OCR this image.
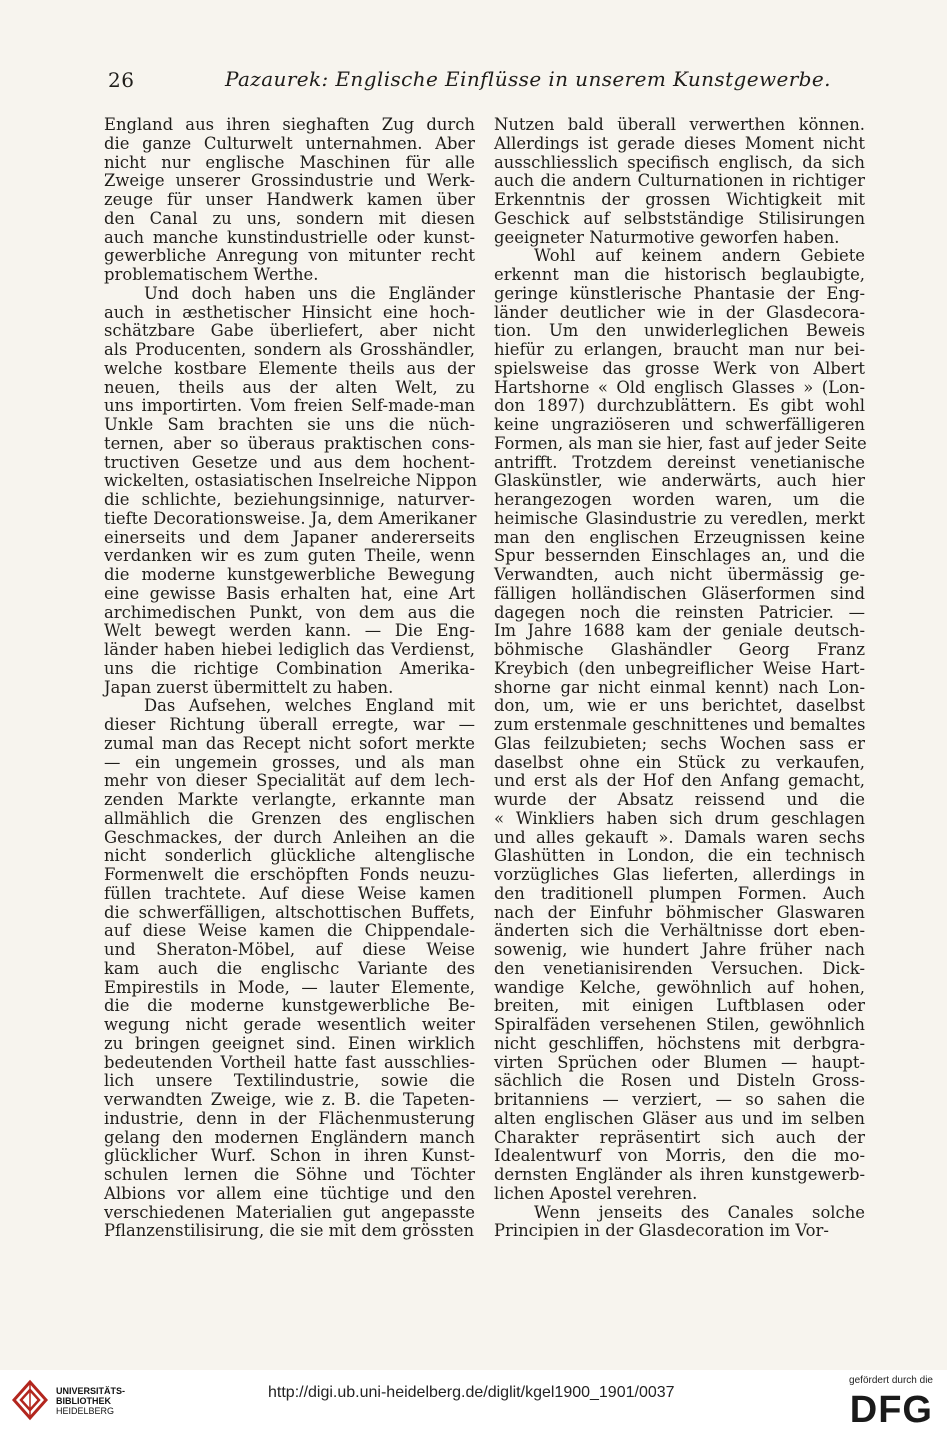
26	Pazaurek: Englische Einflüsse in unserem Kunstgewerbe.
England aus ihren sieghaften Zug durch
die ganze Culturwelt unternahmen. Aber
nicht nur englische Maschinen für alle
Zweige unserer Grossindustrie und Werk-
zeuge für unser Handwerk kamen über
den Canal zu uns, sondern mit diesen
auch manche kunstindustrielle oder kunst-
gewerbliche Anregung von mitunter recht
problematischem Werthe.
Und doch haben uns die Engländer
auch in æsthetischer Hinsicht eine hoch-
schätzbare Gabe überliefert, aber nicht
als Producenten, sondern als Grosshändler,
welche kostbare Elemente theils aus der
neuen, theils aus der alten Welt, zu
uns importirten. Vom freien Self-made-man
Unkle Sam brachten sie uns die nüch-
ternen, aber so überaus praktischen cons-
tructiven Gesetze und aus dem hochent-
wickelten, ostasiatischen Inselreiche Nippon
die schlichte, beziehungsinnige, naturver-
tiefte Decorationsweise. Ja, dem Amerikaner
einerseits und dem Japaner andererseits
verdanken wir es zum guten Theile, wenn
die moderne kunstgewerbliche Bewegung
eine gewisse Basis erhalten hat, eine Art
archimedischen Punkt, von dem aus die
Welt bewegt werden kann. — Die Eng-
länder haben hiebei lediglich das Verdienst,
uns die richtige Combination Amerika-
Japan zuerst übermittelt zu haben.
Das Aufsehen, welches England mit
dieser Richtung überall erregte, war —
zumal man das Recept nicht sofort merkte
— ein ungemein grosses, und als man
mehr von dieser Specialität auf dem lech-
zenden Markte verlangte, erkannte man
allmählich die Grenzen des englischen
Geschmackes, der durch Anleihen an die
nicht sonderlich glückliche altenglische
Formenwelt die erschöpften Fonds neuzu-
füllen trachtete. Auf diese Weise kamen
die schwerfälligen, altschottischen Buffets,
auf diese Weise kamen die Chippendale-
und Sheraton-Möbel, auf diese Weise
kam auch die englischc Variante des
Empirestils in Mode, — lauter Elemente,
die die moderne kunstgewerbliche Be-
wegung nicht gerade wesentlich weiter
zu bringen geeignet sind. Einen wirklich
bedeutenden Vortheil hatte fast ausschlies-
lich unsere Textilindustrie, sowie die
verwandten Zweige, wie z. B. die Tapeten-
industrie, denn in der Flächenmusterung
gelang den modernen Engländern manch
glücklicher Wurf. Schon in ihren Kunst-
schulen lernen die Söhne und Töchter
Albions vor allem eine tüchtige und den
verschiedenen Materialien gut angepasste
Pflanzenstilisirung, die sie mit dem grössten
Nutzen bald überall verwerthen können.
Allerdings ist gerade dieses Moment nicht
ausschliesslich specifisch englisch, da sich
auch die andern Culturnationen in richtiger
Erkenntnis der grossen Wichtigkeit mit
Geschick auf selbstständige Stilisirungen
geeigneter Naturmotive geworfen haben.
Wohl auf keinem andern Gebiete
erkennt man die historisch beglaubigte,
geringe künstlerische Phantasie der Eng-
länder deutlicher wie in der Glasdecora-
tion. Um den unwiderleglichen Beweis
hiefür zu erlangen, braucht man nur bei-
spielsweise das grosse Werk von Albert
Hartshorne « Old englisch Glasses » (Lon-
don 1897) durchzublättern. Es gibt wohl
keine ungraziöseren und schwerfälligeren
Formen, als man sie hier, fast auf jeder Seite
antrifft. Trotzdem dereinst venetianische
Glaskünstler, wie anderwärts, auch hier
herangezogen worden waren, um die
heimische Glasindustrie zu veredlen, merkt
man den englischen Erzeugnissen keine
Spur bessernden Einschlages an, und die
Verwandten, auch nicht übermässig ge-
fälligen holländischen Gläserformen sind
dagegen noch die reinsten Patricier. —
Im Jahre 1688 kam der geniale deutsch-
böhmische Glashändler Georg Franz
Kreybich (den unbegreiflicher Weise Hart-
shorne gar nicht einmal kennt) nach Lon-
don, um, wie er uns berichtet, daselbst
zum erstenmale geschnittenes und bemaltes
Glas feilzubieten; sechs Wochen sass er
daselbst ohne ein Stück zu verkaufen,
und erst als der Hof den Anfang gemacht,
wurde der Absatz reissend und die
« Winkliers haben sich drum geschlagen
und alles gekauft ». Damals waren sechs
Glashütten in London, die ein technisch
vorzügliches Glas lieferten, allerdings in
den traditionell plumpen Formen. Auch
nach der Einfuhr böhmischer Glaswaren
änderten sich die Verhältnisse dort eben-
sowenig, wie hundert Jahre früher nach
den venetianisirenden Versuchen. Dick-
wandige Kelche, gewöhnlich auf hohen,
breiten, mit einigen Luftblasen oder
Spiralfäden versehenen Stilen, gewöhnlich
nicht geschliffen, höchstens mit derbgra-
virten Sprüchen oder Blumen — haupt-
sächlich die Rosen und Disteln Gross-
britanniens — verziert, — so sahen die
alten englischen Gläser aus und im selben
Charakter repräsentirt sich auch der
Idealentwurf von Morris, den die mo-
dernsten Engländer als ihren kunstgewerb-
lichen Apostel verehren.
Wenn jenseits des Canales solche
Principien in der Glasdecoration im Vor-
UNIVERSITÄTS-
BIBLIOTHEK
HEIDELBERG
http://digi.ub.uni-heidelberg.de/diglit/kgel1900_1901/0037
gefördert durch die
DFG
